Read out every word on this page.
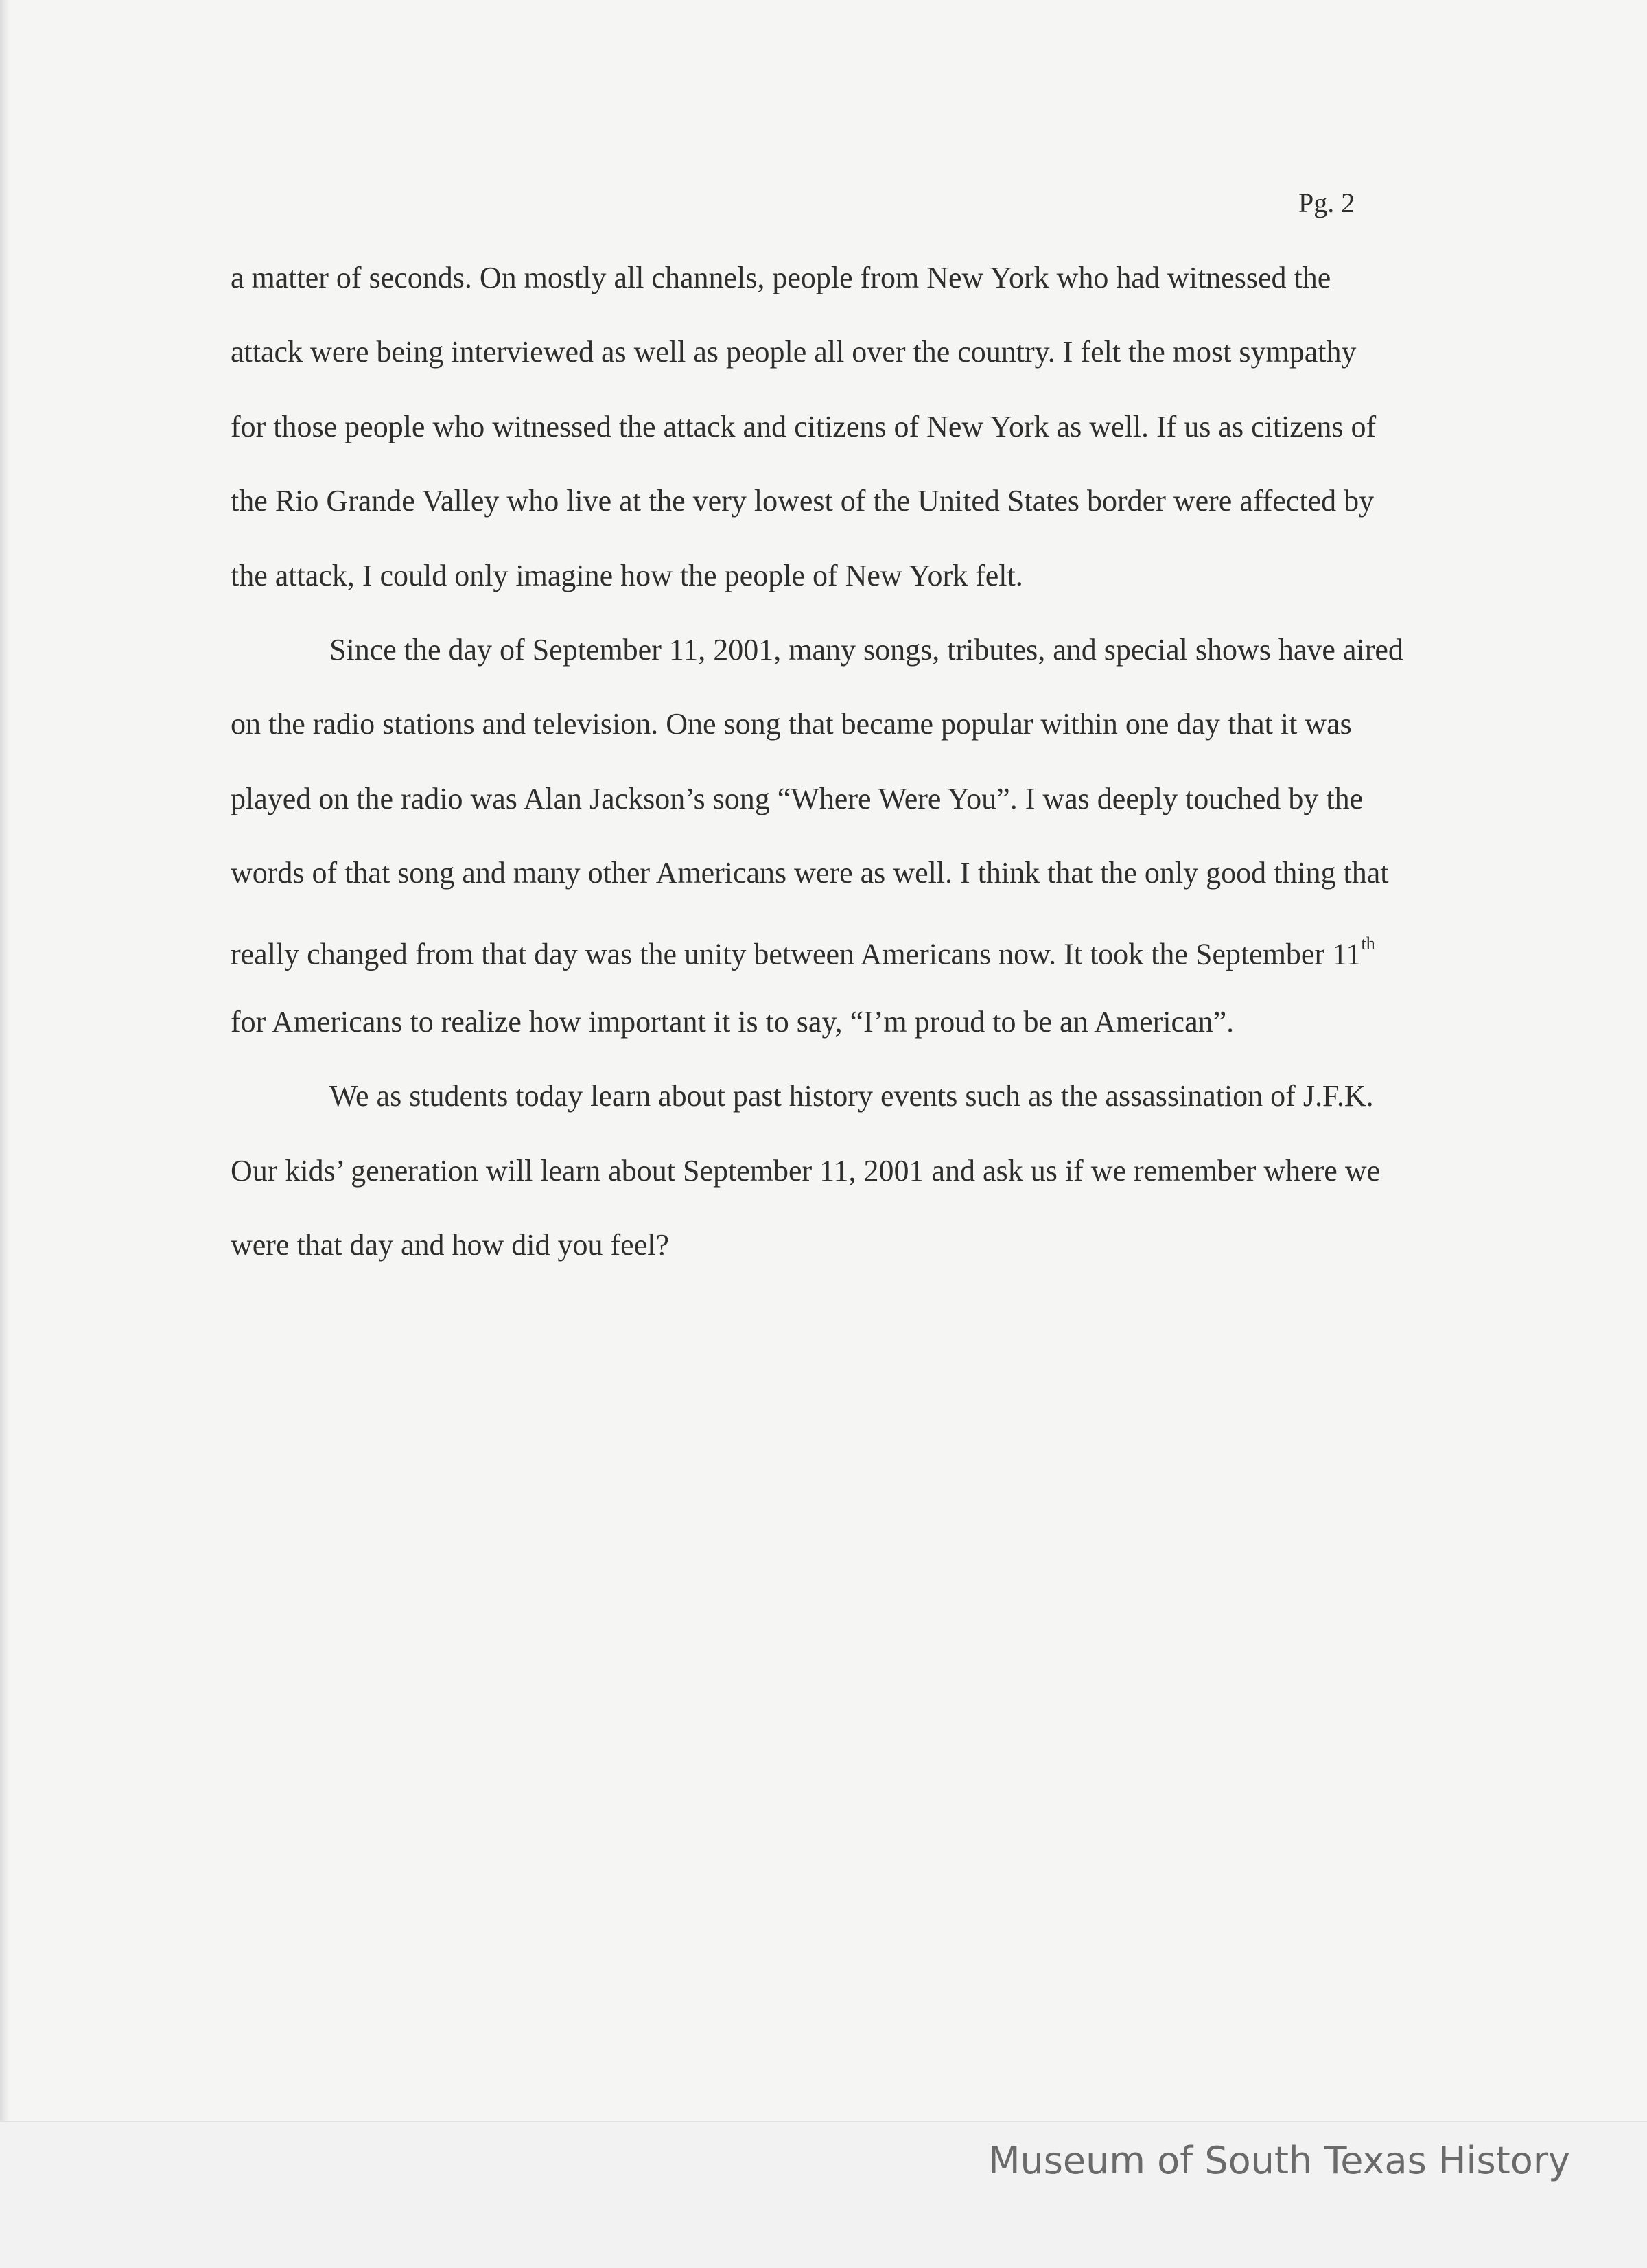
Pg. 2
a matter of seconds. On mostly all channels, people from New York who had witnessed the
attack were being interviewed as well as people all over the country. I felt the most sympathy
for those people who witnessed the attack and citizens of New York as well. If us as citizens of
the Rio Grande Valley who live at the very lowest of the United States border were affected by
the attack, I could only imagine how the people of New York felt.
Since the day of September 11, 2001, many songs, tributes, and special shows have aired
on the radio stations and television. One song that became popular within one day that it was
played on the radio was Alan Jackson’s song “Where Were You”. I was deeply touched by the
words of that song and many other Americans were as well. I think that the only good thing that
really changed from that day was the unity between Americans now. It took the September 11th
for Americans to realize how important it is to say, “I’m proud to be an American”.
We as students today learn about past history events such as the assassination of J.F.K.
Our kids’ generation will learn about September 11, 2001 and ask us if we remember where we
were that day and how did you feel?
Museum of South Texas History
